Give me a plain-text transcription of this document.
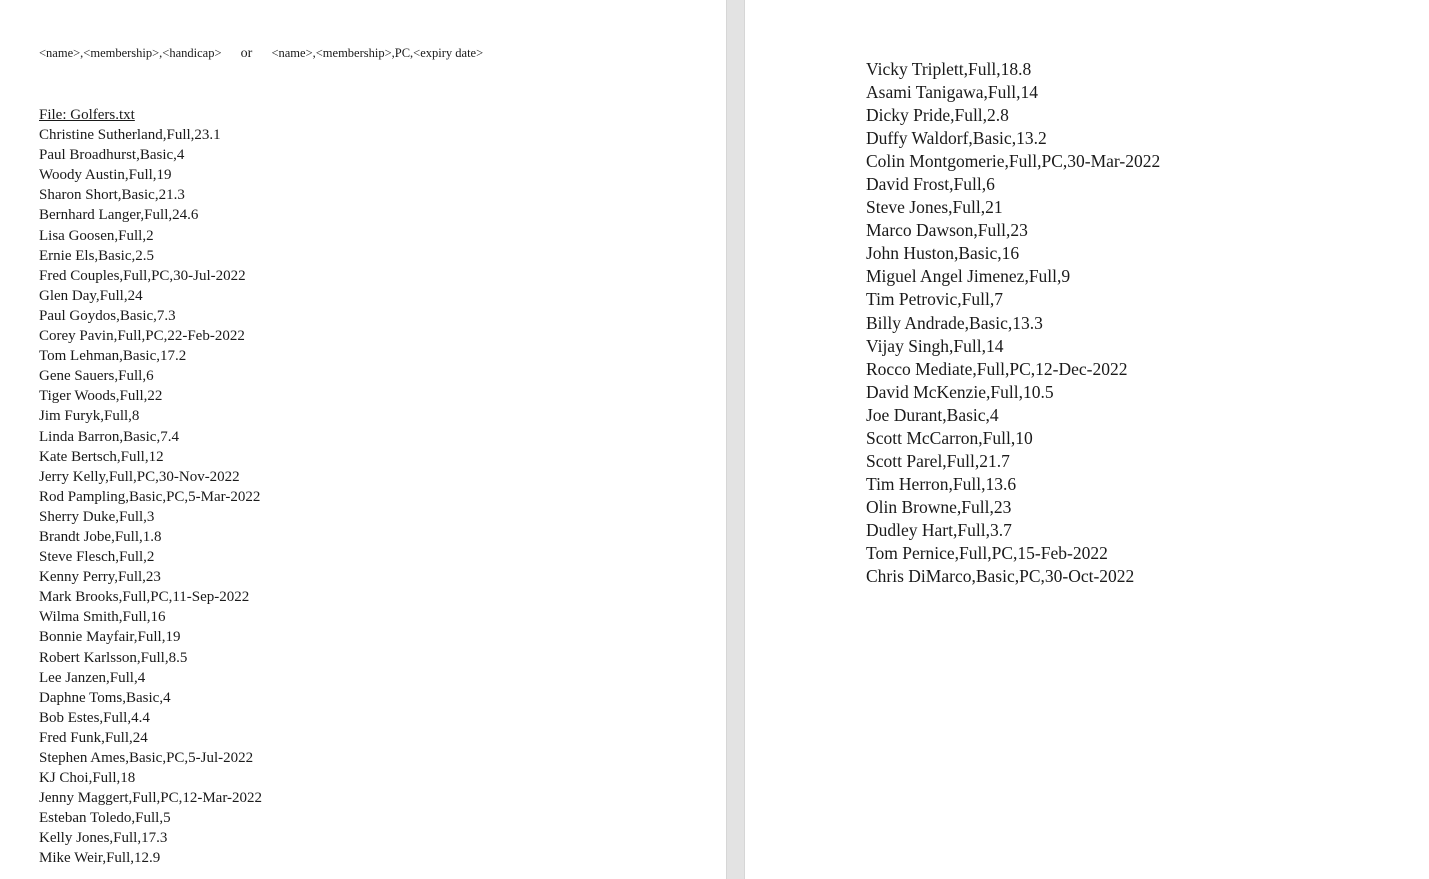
<name>,<membership>,<handicap> or <name>,<membership>,PC,<expiry date>
File: Golfers.txt
Christine Sutherland,Full,23.1
Paul Broadhurst,Basic,4
Woody Austin,Full,19
Sharon Short,Basic,21.3
Bernhard Langer,Full,24.6
Lisa Goosen,Full,2
Ernie Els,Basic,2.5
Fred Couples,Full,PC,30-Jul-2022
Glen Day,Full,24
Paul Goydos,Basic,7.3
Corey Pavin,Full,PC,22-Feb-2022
Tom Lehman,Basic,17.2
Gene Sauers,Full,6
Tiger Woods,Full,22
Jim Furyk,Full,8
Linda Barron,Basic,7.4
Kate Bertsch,Full,12
Jerry Kelly,Full,PC,30-Nov-2022
Rod Pampling,Basic,PC,5-Mar-2022
Sherry Duke,Full,3
Brandt Jobe,Full,1.8
Steve Flesch,Full,2
Kenny Perry,Full,23
Mark Brooks,Full,PC,11-Sep-2022
Wilma Smith,Full,16
Bonnie Mayfair,Full,19
Robert Karlsson,Full,8.5
Lee Janzen,Full,4
Daphne Toms,Basic,4
Bob Estes,Full,4.4
Fred Funk,Full,24
Stephen Ames,Basic,PC,5-Jul-2022
KJ Choi,Full,18
Jenny Maggert,Full,PC,12-Mar-2022
Esteban Toledo,Full,5
Kelly Jones,Full,17.3
Mike Weir,Full,12.9
Vicky Triplett,Full,18.8
Asami Tanigawa,Full,14
Dicky Pride,Full,2.8
Duffy Waldorf,Basic,13.2
Colin Montgomerie,Full,PC,30-Mar-2022
David Frost,Full,6
Steve Jones,Full,21
Marco Dawson,Full,23
John Huston,Basic,16
Miguel Angel Jimenez,Full,9
Tim Petrovic,Full,7
Billy Andrade,Basic,13.3
Vijay Singh,Full,14
Rocco Mediate,Full,PC,12-Dec-2022
David McKenzie,Full,10.5
Joe Durant,Basic,4
Scott McCarron,Full,10
Scott Parel,Full,21.7
Tim Herron,Full,13.6
Olin Browne,Full,23
Dudley Hart,Full,3.7
Tom Pernice,Full,PC,15-Feb-2022
Chris DiMarco,Basic,PC,30-Oct-2022
